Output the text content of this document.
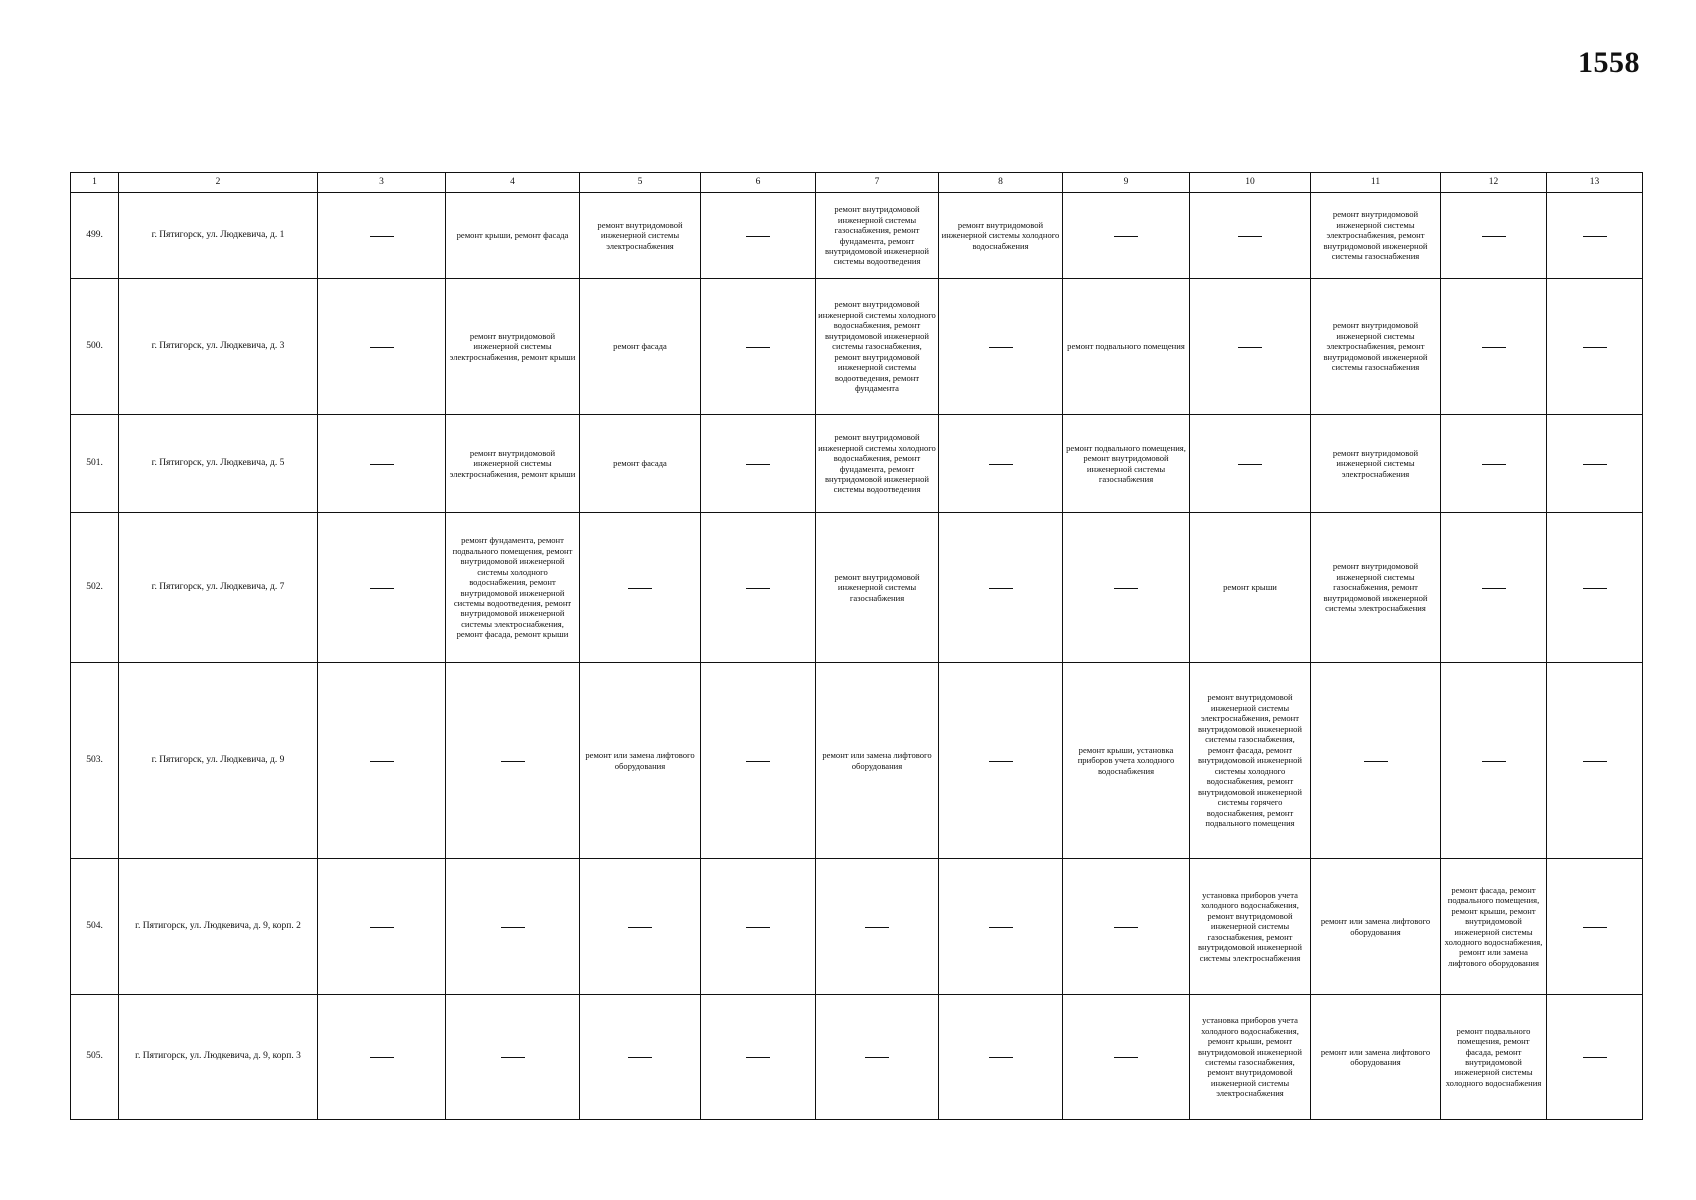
1558
1	2	3	4	5	6	7	8	9	10	11	12	13
499.	г. Пятигорск, ул. Людкевича, д. 1		ремонт крыши, ремонт фасада	ремонт внутридомовой инженерной системы электроснабжения		ремонт внутридомовой инженерной системы газоснабжения, ремонт фундамента, ремонт внутридомовой инженерной системы водоотведения	ремонт внутридомовой инженерной системы холодного водоснабжения			ремонт внутридомовой инженерной системы электроснабжения, ремонт внутридомовой инженерной системы газоснабжения		
500.	г. Пятигорск, ул. Людкевича, д. 3		ремонт внутридомовой инженерной системы электроснабжения, ремонт крыши	ремонт фасада		ремонт внутридомовой инженерной системы холодного водоснабжения, ремонт внутридомовой инженерной системы газоснабжения, ремонт внутридомовой инженерной системы водоотведения, ремонт фундамента		ремонт подвального помещения		ремонт внутридомовой инженерной системы электроснабжения, ремонт внутридомовой инженерной системы газоснабжения		
501.	г. Пятигорск, ул. Людкевича, д. 5		ремонт внутридомовой инженерной системы электроснабжения, ремонт крыши	ремонт фасада		ремонт внутридомовой инженерной системы холодного водоснабжения, ремонт фундамента, ремонт внутридомовой инженерной системы водоотведения		ремонт подвального помещения, ремонт внутридомовой инженерной системы газоснабжения		ремонт внутридомовой инженерной системы электроснабжения		
502.	г. Пятигорск, ул. Людкевича, д. 7		ремонт фундамента, ремонт подвального помещения, ремонт внутридомовой инженерной системы холодного водоснабжения, ремонт внутридомовой инженерной системы водоотведения, ремонт внутридомовой инженерной системы электроснабжения, ремонт фасада, ремонт крыши			ремонт внутридомовой инженерной системы газоснабжения			ремонт крыши	ремонт внутридомовой инженерной системы газоснабжения, ремонт внутридомовой инженерной системы электроснабжения		
503.	г. Пятигорск, ул. Людкевича, д. 9			ремонт или замена лифтового оборудования		ремонт или замена лифтового оборудования		ремонт крыши, установка приборов учета холодного водоснабжения	ремонт внутридомовой инженерной системы электроснабжения, ремонт внутридомовой инженерной системы газоснабжения, ремонт фасада, ремонт внутридомовой инженерной системы холодного водоснабжения, ремонт внутридомовой инженерной системы горячего водоснабжения, ремонт подвального помещения			
504.	г. Пятигорск, ул. Людкевича, д. 9, корп. 2								установка приборов учета холодного водоснабжения, ремонт внутридомовой инженерной системы газоснабжения, ремонт внутридомовой инженерной системы электроснабжения	ремонт или замена лифтового оборудования	ремонт фасада, ремонт подвального помещения, ремонт крыши, ремонт внутридомовой инженерной системы холодного водоснабжения, ремонт или замена лифтового оборудования	
505.	г. Пятигорск, ул. Людкевича, д. 9, корп. 3								установка приборов учета холодного водоснабжения, ремонт крыши, ремонт внутридомовой инженерной системы газоснабжения, ремонт внутридомовой инженерной системы электроснабжения	ремонт или замена лифтового оборудования	ремонт подвального помещения, ремонт фасада, ремонт внутридомовой инженерной системы холодного водоснабжения	
